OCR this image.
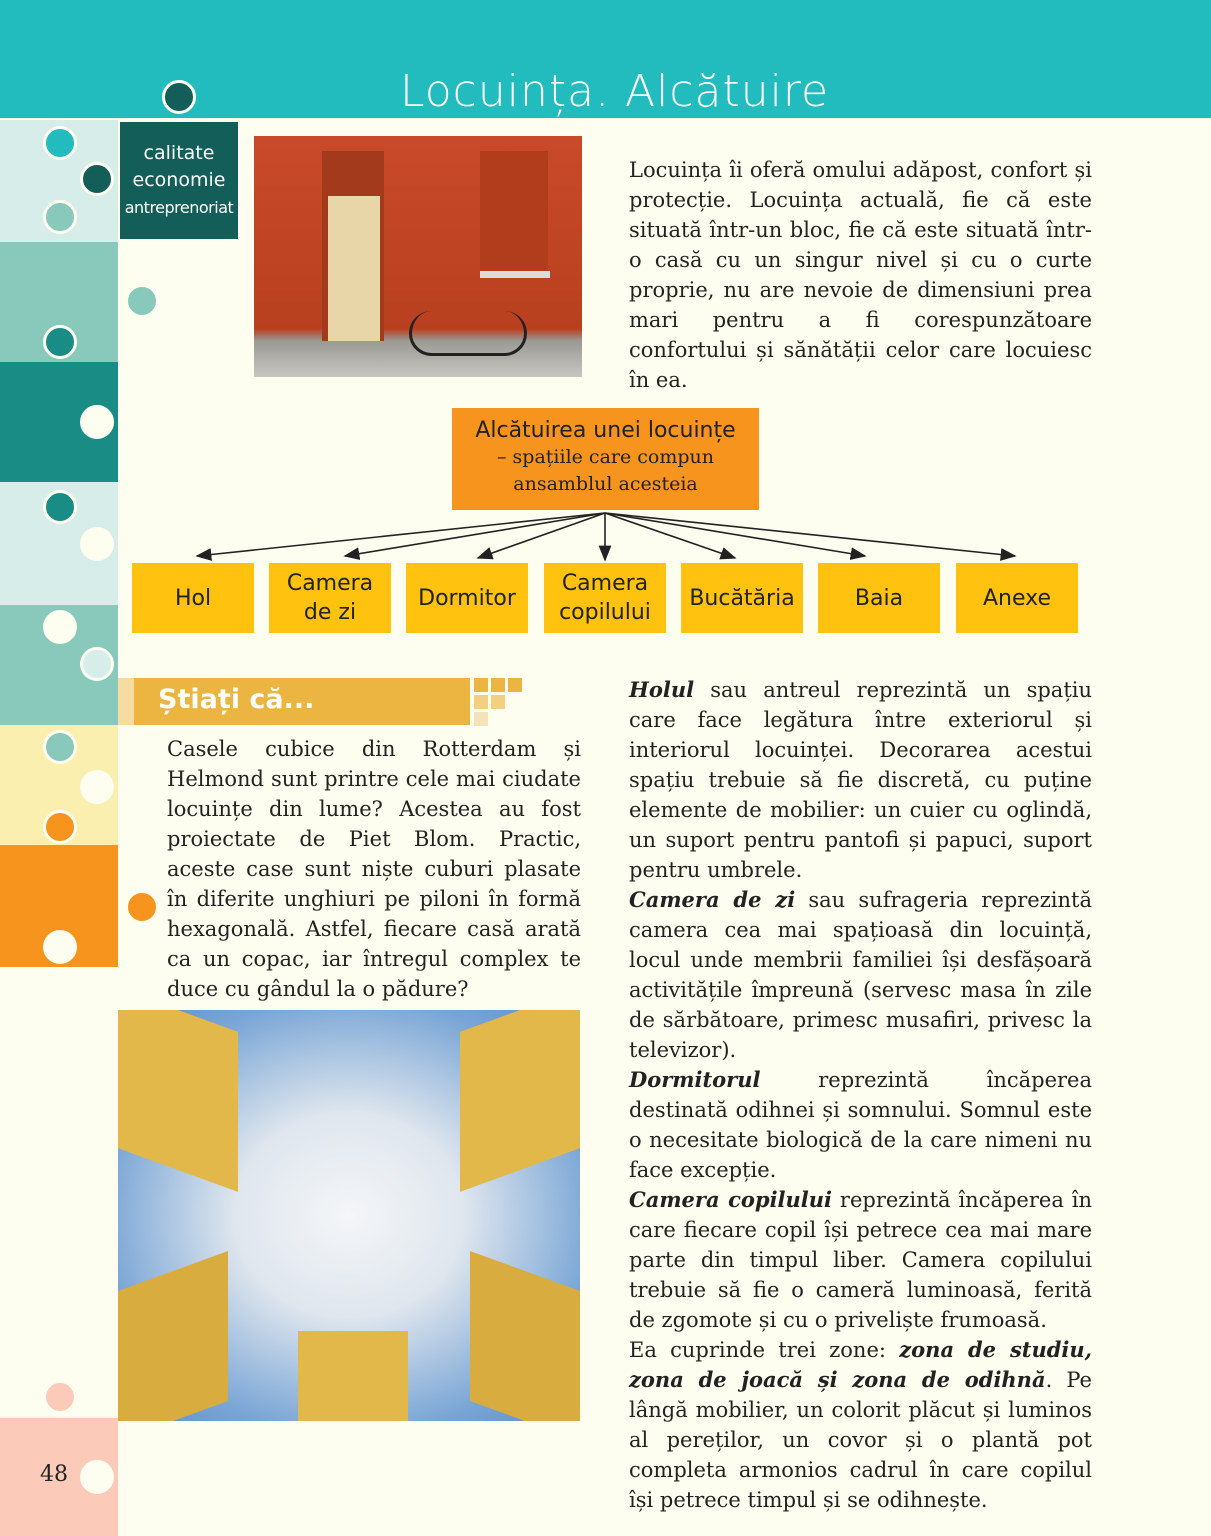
Locuința. Alcătuire
calitate
economie
antreprenoriat
Locuința îi oferă omului adăpost, confort și protecție. Locuința actuală, fie că este situată într-un bloc, fie că este situată într-o casă cu un singur nivel și cu o curte proprie, nu are nevoie de dimensiuni prea mari pentru a fi corespunzătoare confortului și sănătății celor care locuiesc în ea.
Alcătuirea unei locuințe
– spațiile care compun
ansamblul acesteia
Hol
Camera
de zi
Dormitor
Camera
copilului
Bucătăria	Baia	Anexe
Știați că...
Casele cubice din Rotterdam și Helmond sunt printre cele mai ciudate locuințe din lume? Acestea au fost proiectate de Piet Blom. Practic, aceste case sunt niște cuburi plasate în diferite unghiuri pe piloni în formă hexagonală. Astfel, fiecare casă arată ca un copac, iar întregul complex te duce cu gândul la o pădure?
Holul sau antreul reprezintă un spațiu care face legătura între exteriorul și interiorul locuinței. Decorarea acestui spațiu trebuie să fie discretă, cu puține elemente de mobilier: un cuier cu oglindă, un suport pentru pantofi și papuci, suport pentru umbrele.
Camera de zi sau sufrageria reprezintă camera cea mai spațioasă din locuință, locul unde membrii familiei își desfășoară activitățile împreună (servesc masa în zile de sărbătoare, primesc musafiri, privesc la televizor).
Dormitorul reprezintă încăperea destinată odihnei și somnului. Somnul este o necesitate biologică de la care nimeni nu face excepție.
Camera copilului reprezintă încăperea în care fiecare copil își petrece cea mai mare parte din timpul liber. Camera copilului trebuie să fie o cameră luminoasă, ferită de zgomote și cu o priveliște frumoasă.
Ea cuprinde trei zone: zona de studiu, zona de joacă și zona de odihnă. Pe lângă mobilier, un colorit plăcut și luminos al pereților, un covor și o plantă pot completa armonios cadrul în care copilul își petrece timpul și se odihnește.
48
